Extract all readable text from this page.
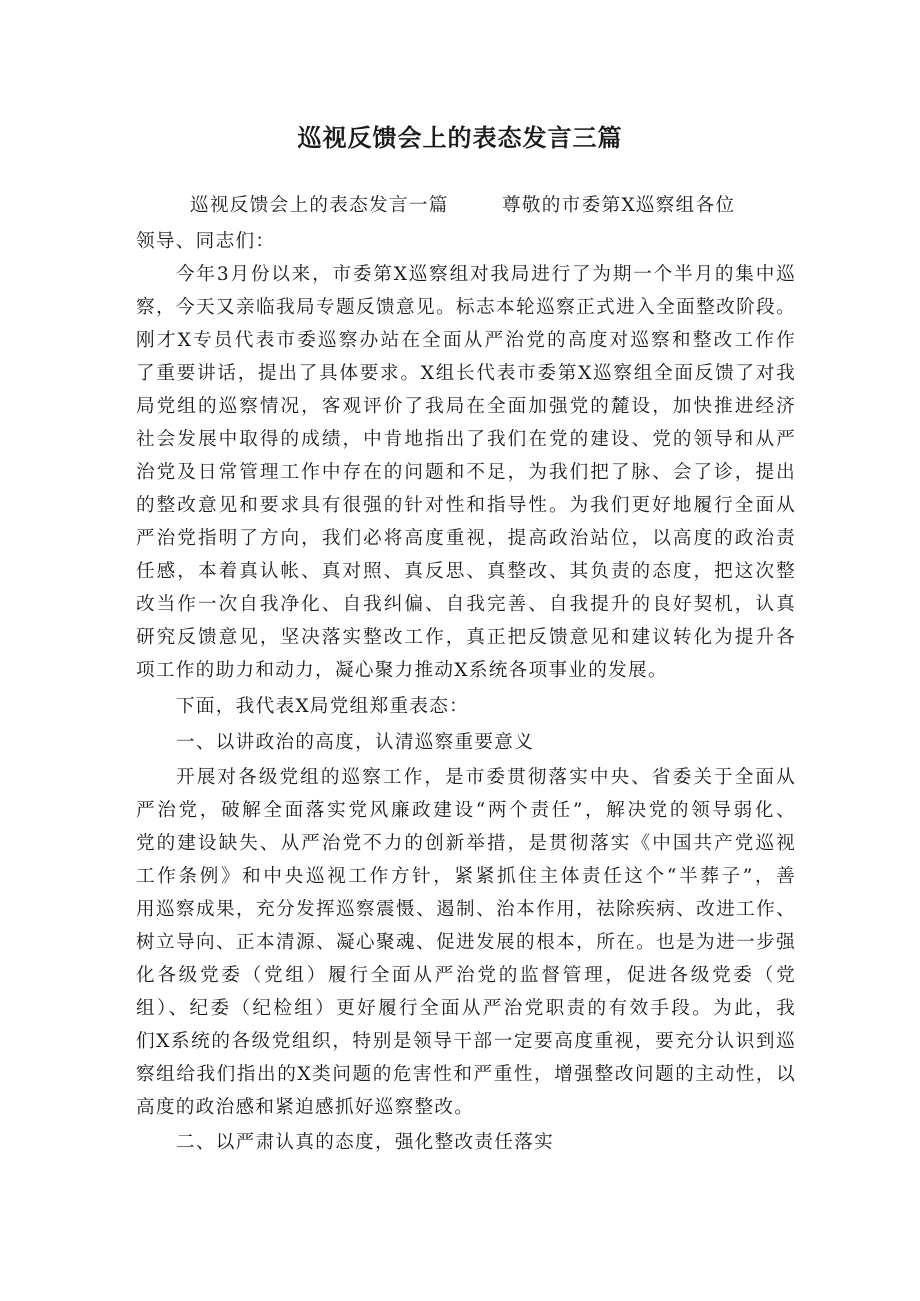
巡视反馈会上的表态发言三篇
巡视反馈会上的表态发言一篇	尊敬的市委第X巡察组各位
领导、同志们：
今年3月份以来，市委第X巡察组对我局进行了为期一个半月的集中巡
察，今天又亲临我局专题反馈意见。标志本轮巡察正式进入全面整改阶段。
刚才X专员代表市委巡察办站在全面从严治党的高度对巡察和整改工作作
了重要讲话，提出了具体要求。X组长代表市委第X巡察组全面反馈了对我
局党组的巡察情况，客观评价了我局在全面加强党的麓设，加快推进经济
社会发展中取得的成绩，中肯地指出了我们在党的建设、党的领导和从严
治党及日常管理工作中存在的问题和不足，为我们把了脉、会了诊，提出
的整改意见和要求具有很强的针对性和指导性。为我们更好地履行全面从
严治党指明了方向，我们必将高度重视，提高政治站位，以高度的政治责
任感，本着真认帐、真对照、真反思、真整改、其负责的态度，把这次整
改当作一次自我净化、自我纠偏、自我完善、自我提升的良好契机，认真
研究反馈意见，坚决落实整改工作，真正把反馈意见和建议转化为提升各
项工作的助力和动力，凝心聚力推动X系统各项事业的发展。
下面，我代表X局党组郑重表态：
一、以讲政治的高度，认清巡察重要意义
开展对各级党组的巡察工作，是市委贯彻落实中央、省委关于全面从
严治党，破解全面落实党风廉政建设“两个责任”，解决党的领导弱化、
党的建设缺失、从严治党不力的创新举措，是贯彻落实《中国共产党巡视
工作条例》和中央巡视工作方针，紧紧抓住主体责任这个“半葬子”，善
用巡察成果，充分发挥巡察震慑、遏制、治本作用，祛除疾病、改进工作、
树立导向、正本清源、凝心聚魂、促进发展的根本，所在。也是为进一步强
化各级党委（党组）履行全面从严治党的监督管理，促进各级党委（党
组）、纪委（纪检组）更好履行全面从严治党职责的有效手段。为此，我
们X系统的各级党组织，特别是领导干部一定要高度重视，要充分认识到巡
察组给我们指出的X类问题的危害性和严重性，增强整改问题的主动性，以
高度的政治感和紧迫感抓好巡察整改。
二、以严肃认真的态度，强化整改责任落实
